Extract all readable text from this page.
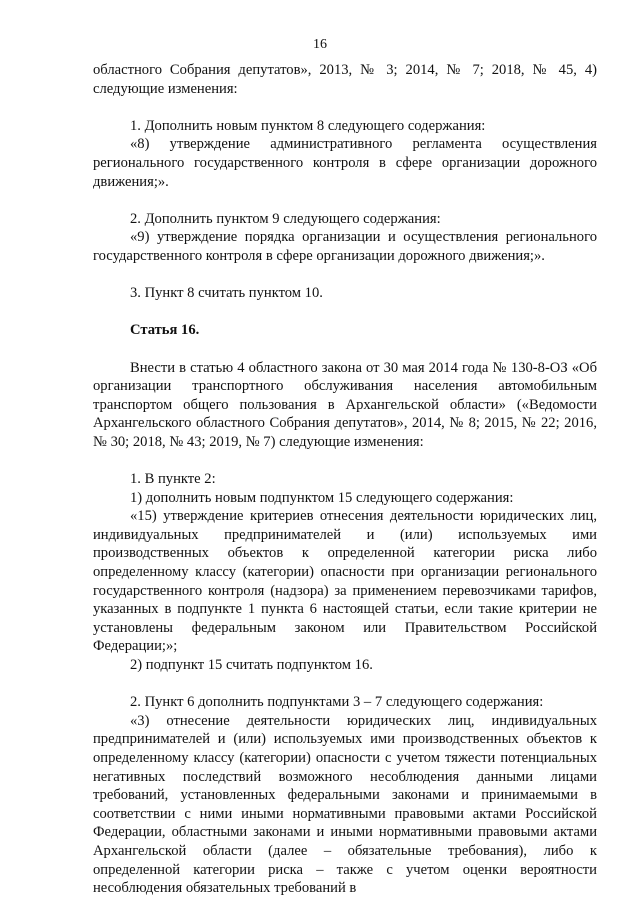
16

областного Собрания депутатов», 2013, № 3; 2014, № 7; 2018, № 45, 4) следующие изменения:

1. Дополнить новым пунктом 8 следующего содержания:

«8) утверждение административного регламента осуществления регионального государственного контроля в сфере организации дорожного движения;».

2. Дополнить пунктом 9 следующего содержания:

«9) утверждение порядка организации и осуществления регионального государственного контроля в сфере организации дорожного движения;».

3. Пункт 8 считать пунктом 10.

Статья 16.

Внести в статью 4 областного закона от 30 мая 2014 года № 130-8-ОЗ «Об организации транспортного обслуживания населения автомобильным транспортом общего пользования в Архангельской области» («Ведомости Архангельского областного Собрания депутатов», 2014, № 8; 2015, № 22; 2016, № 30; 2018, № 43; 2019, № 7) следующие изменения:

1. В пункте 2:

1) дополнить новым подпунктом 15 следующего содержания:

«15) утверждение критериев отнесения деятельности юридических лиц, индивидуальных предпринимателей и (или) используемых ими производственных объектов к определенной категории риска либо определенному классу (категории) опасности при организации регионального государственного контроля (надзора) за применением перевозчиками тарифов, указанных в подпункте 1 пункта 6 настоящей статьи, если такие критерии не установлены федеральным законом или Правительством Российской Федерации;»;

2) подпункт 15 считать подпунктом 16.

2. Пункт 6 дополнить подпунктами 3 – 7 следующего содержания:

«3) отнесение деятельности юридических лиц, индивидуальных предпринимателей и (или) используемых ими производственных объектов к определенному классу (категории) опасности с учетом тяжести потенциальных негативных последствий возможного несоблюдения данными лицами требований, установленных федеральными законами и принимаемыми в соответствии с ними иными нормативными правовыми актами Российской Федерации, областными законами и иными нормативными правовыми актами Архангельской области (далее – обязательные требования), либо к определенной категории риска – также с учетом оценки вероятности несоблюдения обязательных требований в
